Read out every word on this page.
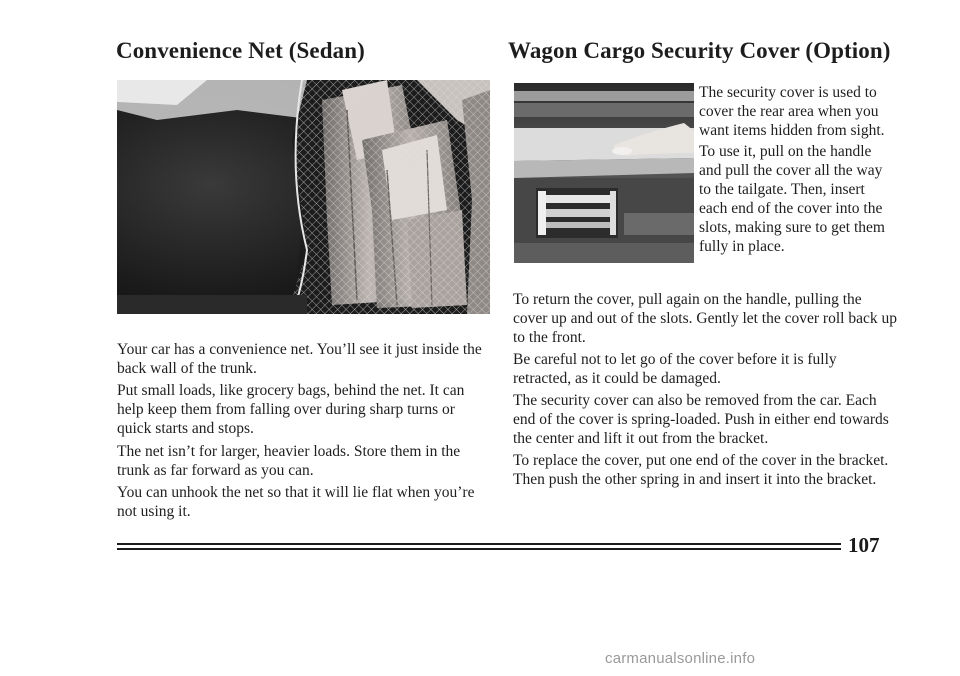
Convenience Net (Sedan)	Wagon Cargo Security Cover (Option)

Your car has a convenience net. You’ll see it just inside the back wall of the trunk.

Put small loads, like grocery bags, behind the net. It can help keep them from falling over during sharp turns or quick starts and stops.

The net isn’t for larger, heavier loads. Store them in the trunk as far forward as you can.

You can unhook the net so that it will lie flat when you’re not using it.

The security cover is used to cover the rear area when you want items hidden from sight.

To use it, pull on the handle and pull the cover all the way to the tailgate. Then, insert each end of the cover into the slots, making sure to get them fully in place.

To return the cover, pull again on the handle, pulling the cover up and out of the slots. Gently let the cover roll back up to the front.

Be careful not to let go of the cover before it is fully retracted, as it could be damaged.

The security cover can also be removed from the car. Each end of the cover is spring-loaded. Push in either end towards the center and lift it out from the bracket.

To replace the cover, put one end of the cover in the bracket. Then push the other spring in and insert it into the bracket.

107

carmanualsonline.info
